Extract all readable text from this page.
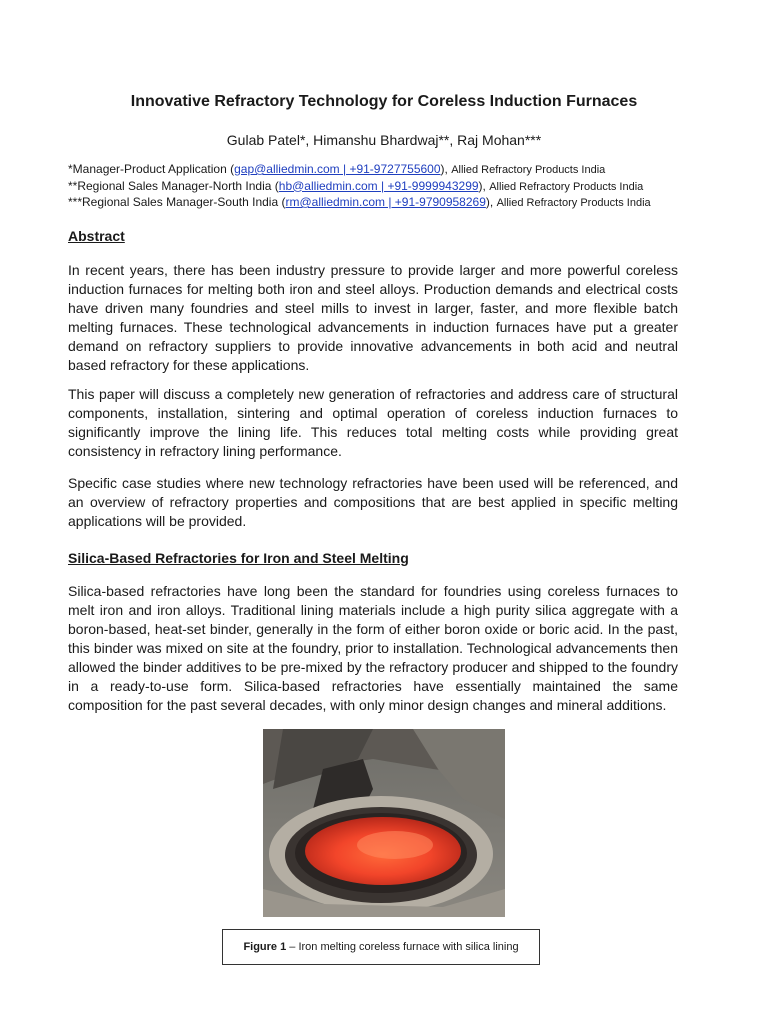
Innovative Refractory Technology for Coreless Induction Furnaces
Gulab Patel*, Himanshu Bhardwaj**, Raj Mohan***
*Manager-Product Application (gap@alliedmin.com | +91-9727755600), Allied Refractory Products India
**Regional Sales Manager-North India (hb@alliedmin.com | +91-9999943299), Allied Refractory Products India
***Regional Sales Manager-South India (rm@alliedmin.com | +91-9790958269), Allied Refractory Products India
Abstract

In recent years, there has been industry pressure to provide larger and more powerful coreless induction furnaces for melting both iron and steel alloys. Production demands and electrical costs have driven many foundries and steel mills to invest in larger, faster, and more flexible batch melting furnaces. These technological advancements in induction furnaces have put a greater demand on refractory suppliers to provide innovative advancements in both acid and neutral based refractory for these applications.

This paper will discuss a completely new generation of refractories and address care of structural components, installation, sintering and optimal operation of coreless induction furnaces to significantly improve the lining life. This reduces total melting costs while providing great consistency in refractory lining performance.

Specific case studies where new technology refractories have been used will be referenced, and an overview of refractory properties and compositions that are best applied in specific melting applications will be provided.

Silica-Based Refractories for Iron and Steel Melting

Silica-based refractories have long been the standard for foundries using coreless furnaces to melt iron and iron alloys. Traditional lining materials include a high purity silica aggregate with a boron-based, heat-set binder, generally in the form of either boron oxide or boric acid. In the past, this binder was mixed on site at the foundry, prior to installation. Technological advancements then allowed the binder additives to be pre-mixed by the refractory producer and shipped to the foundry in a ready-to-use form. Silica-based refractories have essentially maintained the same composition for the past several decades, with only minor design changes and mineral additions.

Figure 1 – Iron melting coreless furnace with silica lining
